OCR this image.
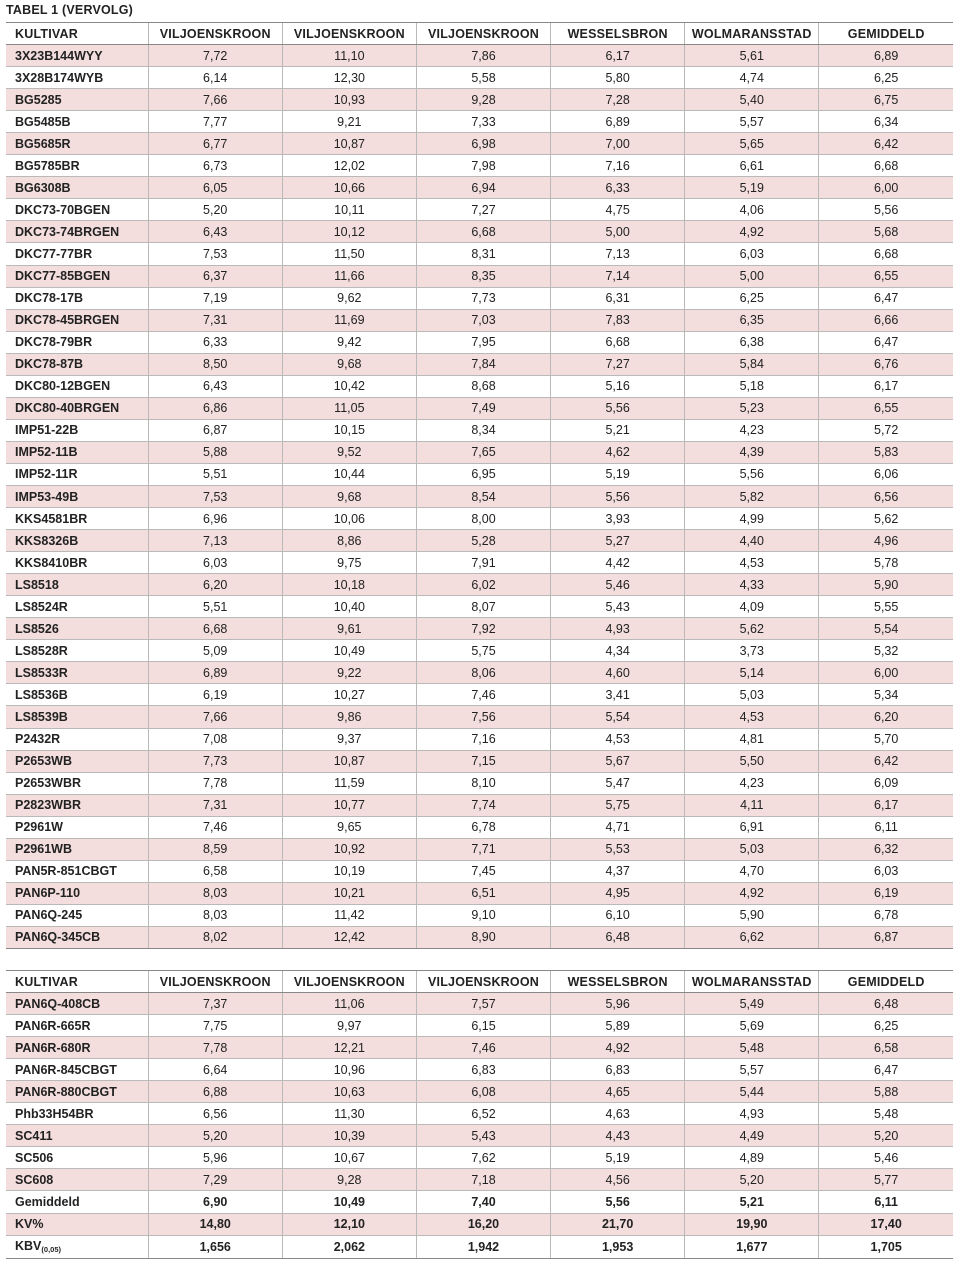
TABEL 1 (VERVOLG)
KULTIVAR	VILJOENSKROON	VILJOENSKROON	VILJOENSKROON	WESSELSBRON	WOLMARANSSTAD	GEMIDDELD
3X23B144WYY	7,72	11,10	7,86	6,17	5,61	6,89
3X28B174WYB	6,14	12,30	5,58	5,80	4,74	6,25
BG5285	7,66	10,93	9,28	7,28	5,40	6,75
BG5485B	7,77	9,21	7,33	6,89	5,57	6,34
BG5685R	6,77	10,87	6,98	7,00	5,65	6,42
BG5785BR	6,73	12,02	7,98	7,16	6,61	6,68
BG6308B	6,05	10,66	6,94	6,33	5,19	6,00
DKC73-70BGEN	5,20	10,11	7,27	4,75	4,06	5,56
DKC73-74BRGEN	6,43	10,12	6,68	5,00	4,92	5,68
DKC77-77BR	7,53	11,50	8,31	7,13	6,03	6,68
DKC77-85BGEN	6,37	11,66	8,35	7,14	5,00	6,55
DKC78-17B	7,19	9,62	7,73	6,31	6,25	6,47
DKC78-45BRGEN	7,31	11,69	7,03	7,83	6,35	6,66
DKC78-79BR	6,33	9,42	7,95	6,68	6,38	6,47
DKC78-87B	8,50	9,68	7,84	7,27	5,84	6,76
DKC80-12BGEN	6,43	10,42	8,68	5,16	5,18	6,17
DKC80-40BRGEN	6,86	11,05	7,49	5,56	5,23	6,55
IMP51-22B	6,87	10,15	8,34	5,21	4,23	5,72
IMP52-11B	5,88	9,52	7,65	4,62	4,39	5,83
IMP52-11R	5,51	10,44	6,95	5,19	5,56	6,06
IMP53-49B	7,53	9,68	8,54	5,56	5,82	6,56
KKS4581BR	6,96	10,06	8,00	3,93	4,99	5,62
KKS8326B	7,13	8,86	5,28	5,27	4,40	4,96
KKS8410BR	6,03	9,75	7,91	4,42	4,53	5,78
LS8518	6,20	10,18	6,02	5,46	4,33	5,90
LS8524R	5,51	10,40	8,07	5,43	4,09	5,55
LS8526	6,68	9,61	7,92	4,93	5,62	5,54
LS8528R	5,09	10,49	5,75	4,34	3,73	5,32
LS8533R	6,89	9,22	8,06	4,60	5,14	6,00
LS8536B	6,19	10,27	7,46	3,41	5,03	5,34
LS8539B	7,66	9,86	7,56	5,54	4,53	6,20
P2432R	7,08	9,37	7,16	4,53	4,81	5,70
P2653WB	7,73	10,87	7,15	5,67	5,50	6,42
P2653WBR	7,78	11,59	8,10	5,47	4,23	6,09
P2823WBR	7,31	10,77	7,74	5,75	4,11	6,17
P2961W	7,46	9,65	6,78	4,71	6,91	6,11
P2961WB	8,59	10,92	7,71	5,53	5,03	6,32
PAN5R-851CBGT	6,58	10,19	7,45	4,37	4,70	6,03
PAN6P-110	8,03	10,21	6,51	4,95	4,92	6,19
PAN6Q-245	8,03	11,42	9,10	6,10	5,90	6,78
PAN6Q-345CB	8,02	12,42	8,90	6,48	6,62	6,87
KULTIVAR	VILJOENSKROON	VILJOENSKROON	VILJOENSKROON	WESSELSBRON	WOLMARANSSTAD	GEMIDDELD
PAN6Q-408CB	7,37	11,06	7,57	5,96	5,49	6,48
PAN6R-665R	7,75	9,97	6,15	5,89	5,69	6,25
PAN6R-680R	7,78	12,21	7,46	4,92	5,48	6,58
PAN6R-845CBGT	6,64	10,96	6,83	6,83	5,57	6,47
PAN6R-880CBGT	6,88	10,63	6,08	4,65	5,44	5,88
Phb33H54BR	6,56	11,30	6,52	4,63	4,93	5,48
SC411	5,20	10,39	5,43	4,43	4,49	5,20
SC506	5,96	10,67	7,62	5,19	4,89	5,46
SC608	7,29	9,28	7,18	4,56	5,20	5,77
Gemiddeld	6,90	10,49	7,40	5,56	5,21	6,11
KV%	14,80	12,10	16,20	21,70	19,90	17,40
KBV(0,05)	1,656	2,062	1,942	1,953	1,677	1,705
